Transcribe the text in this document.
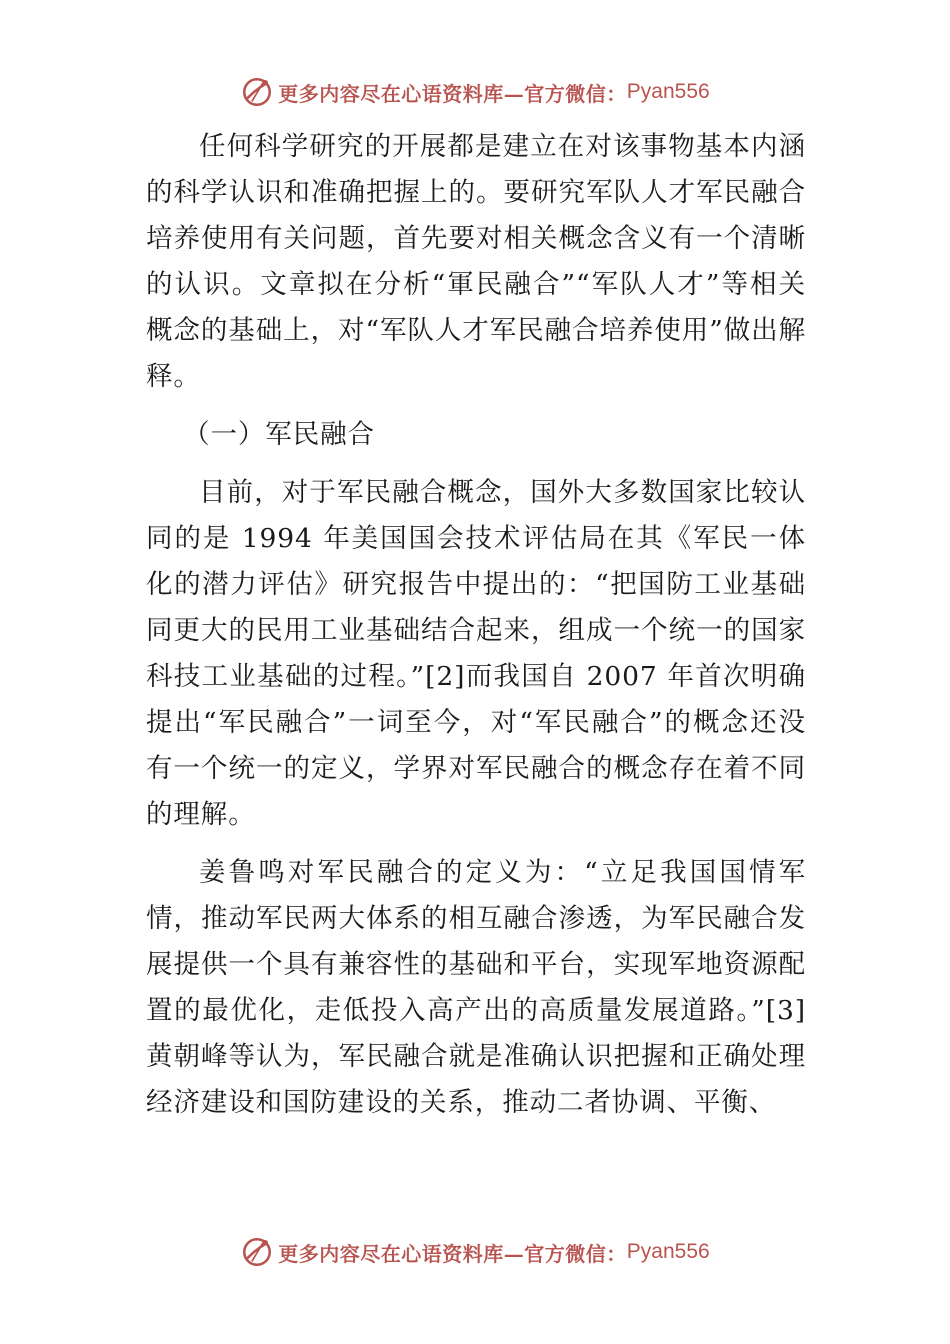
更多内容尽在心语资料库—官方微信： Pyan556

任何科学研究的开展都是建立在对该事物基本内涵的科学认识和准确把握上的。要研究军队人才军民融合培养使用有关问题，首先要对相关概念含义有一个清晰的认识。文章拟在分析“軍民融合”“军队人才”等相关概念的基础上，对“军队人才军民融合培养使用”做出解释。

（一）军民融合

目前，对于军民融合概念，国外大多数国家比较认同的是 1994 年美国国会技术评估局在其《军民一体化的潜力评估》研究报告中提出的：“把国防工业基础同更大的民用工业基础结合起来，组成一个统一的国家科技工业基础的过程。”[2]而我国自 2007 年首次明确提出“军民融合”一词至今，对“军民融合”的概念还没有一个统一的定义，学界对军民融合的概念存在着不同的理解。

姜鲁鸣对军民融合的定义为：“立足我国国情军情，推动军民两大体系的相互融合渗透，为军民融合发展提供一个具有兼容性的基础和平台，实现军地资源配置的最优化，走低投入高产出的高质量发展道路。”[3]黄朝峰等认为，军民融合就是准确认识把握和正确处理经济建设和国防建设的关系，推动二者协调、平衡、

更多内容尽在心语资料库—官方微信： Pyan556
